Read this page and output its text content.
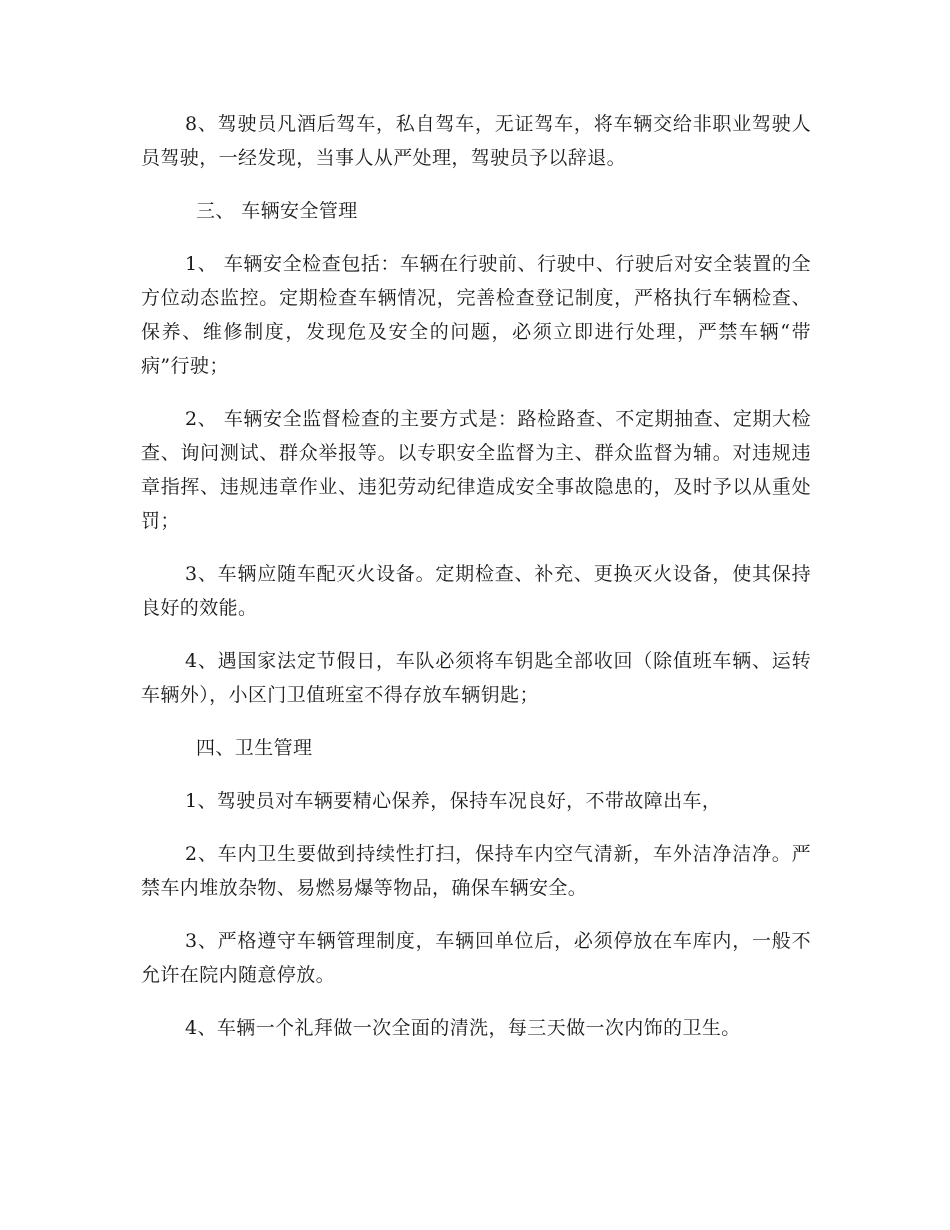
8、驾驶员凡酒后驾车，私自驾车，无证驾车，将车辆交给非职业驾驶人员驾驶，一经发现，当事人从严处理，驾驶员予以辞退。

三、 车辆安全管理

1、 车辆安全检查包括：车辆在行驶前、行驶中、行驶后对安全装置的全方位动态监控。定期检查车辆情况，完善检查登记制度，严格执行车辆检查、保养、维修制度，发现危及安全的问题，必须立即进行处理，严禁车辆“带病”行驶；

2、 车辆安全监督检查的主要方式是：路检路查、不定期抽查、定期大检查、询问测试、群众举报等。以专职安全监督为主、群众监督为辅。对违规违章指挥、违规违章作业、违犯劳动纪律造成安全事故隐患的，及时予以从重处罚；

3、车辆应随车配灭火设备。定期检查、补充、更换灭火设备，使其保持良好的效能。

4、遇国家法定节假日，车队必须将车钥匙全部收回（除值班车辆、运转车辆外），小区门卫值班室不得存放车辆钥匙；

四、卫生管理

1、驾驶员对车辆要精心保养，保持车况良好，不带故障出车，

2、车内卫生要做到持续性打扫，保持车内空气清新，车外洁净洁净。严禁车内堆放杂物、易燃易爆等物品，确保车辆安全。

3、严格遵守车辆管理制度，车辆回单位后，必须停放在车库内，一般不允许在院内随意停放。

4、车辆一个礼拜做一次全面的清洗，每三天做一次内饰的卫生。
